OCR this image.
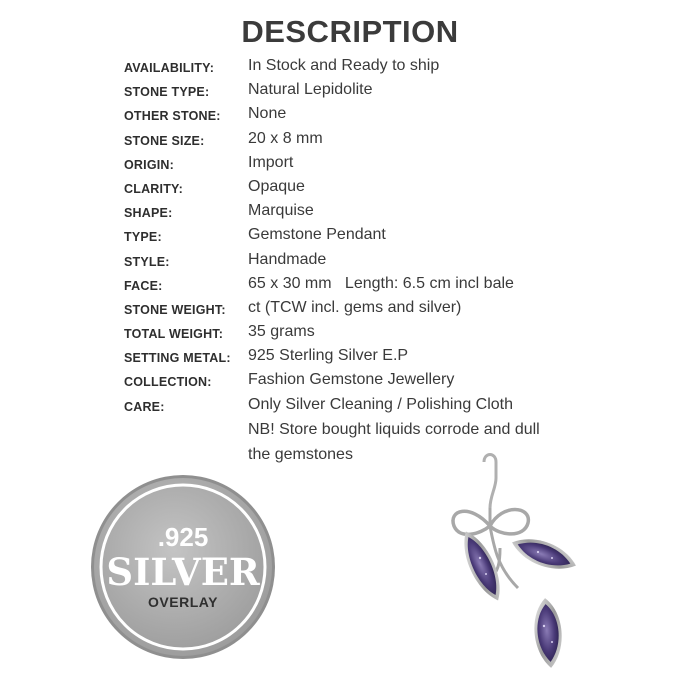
DESCRIPTION
AVAILABILITY: In Stock and Ready to ship
STONE TYPE: Natural Lepidolite
OTHER STONE: None
STONE SIZE:	20 x 8 mm
ORIGIN:	Import
CLARITY:	Opaque
SHAPE:	Marquise
TYPE:	Gemstone Pendant
STYLE:	Handmade
FACE:	65 x 30 mm   Length: 6.5 cm incl bale
STONE WEIGHT: ct (TCW incl. gems and silver)
TOTAL WEIGHT: 35 grams
SETTING METAL: 925 Sterling Silver E.P
COLLECTION: Fashion Gemstone Jewellery
CARE:	Only Silver Cleaning / Polishing Cloth
NB! Store bought liquids corrode and dull
the gemstones
.925
SILVER
OVERLAY
